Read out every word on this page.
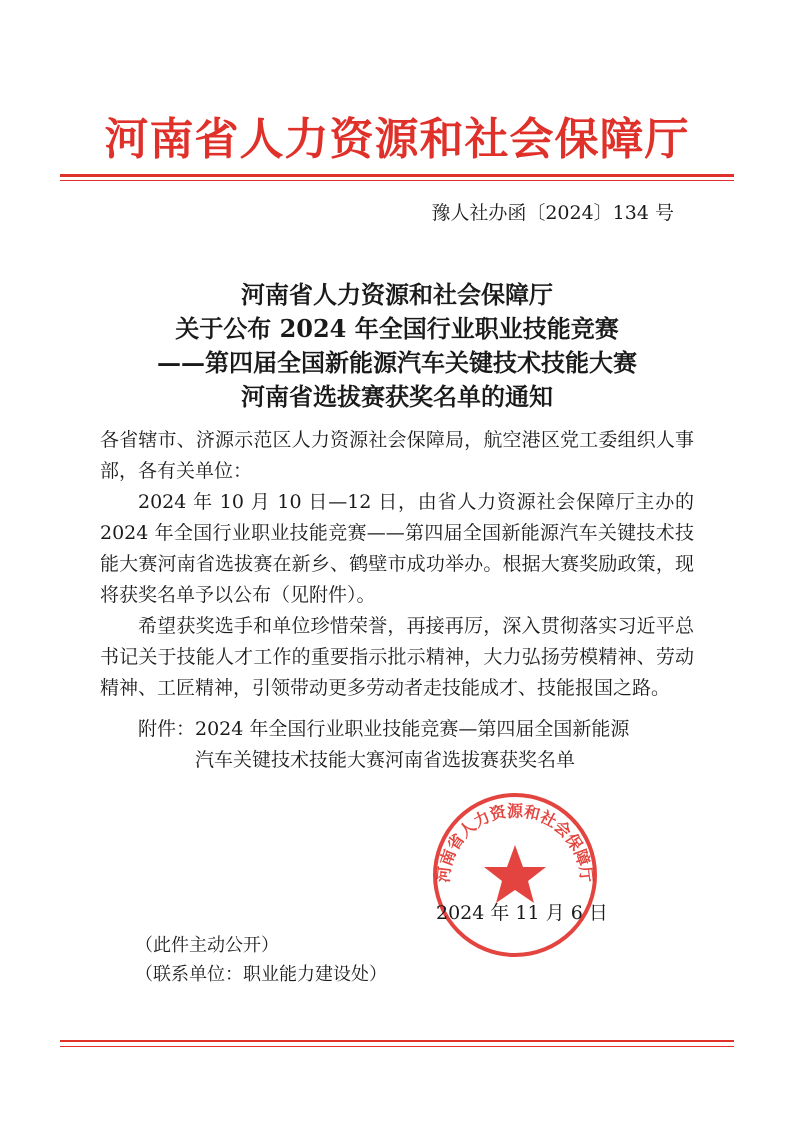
河南省人力资源和社会保障厅
豫人社办函〔2024〕134 号
河南省人力资源和社会保障厅
关于公布 2024 年全国行业职业技能竞赛
——第四届全国新能源汽车关键技术技能大赛
河南省选拔赛获奖名单的通知

各省辖市、济源示范区人力资源社会保障局，航空港区党工委组织人事部，各有关单位：

2024 年 10 月 10 日—12 日，由省人力资源社会保障厅主办的 2024 年全国行业职业技能竞赛——第四届全国新能源汽车关键技术技能大赛河南省选拔赛在新乡、鹤壁市成功举办。根据大赛奖励政策，现将获奖名单予以公布（见附件）。

希望获奖选手和单位珍惜荣誉，再接再厉，深入贯彻落实习近平总书记关于技能人才工作的重要指示批示精神，大力弘扬劳模精神、劳动精神、工匠精神，引领带动更多劳动者走技能成才、技能报国之路。

附件：2024 年全国行业职业技能竞赛—第四届全国新能源
汽车关键技术技能大赛河南省选拔赛获奖名单
河南省人力资源和社会保障厅
2024 年 11 月 6 日
（此件主动公开）
（联系单位：职业能力建设处）
